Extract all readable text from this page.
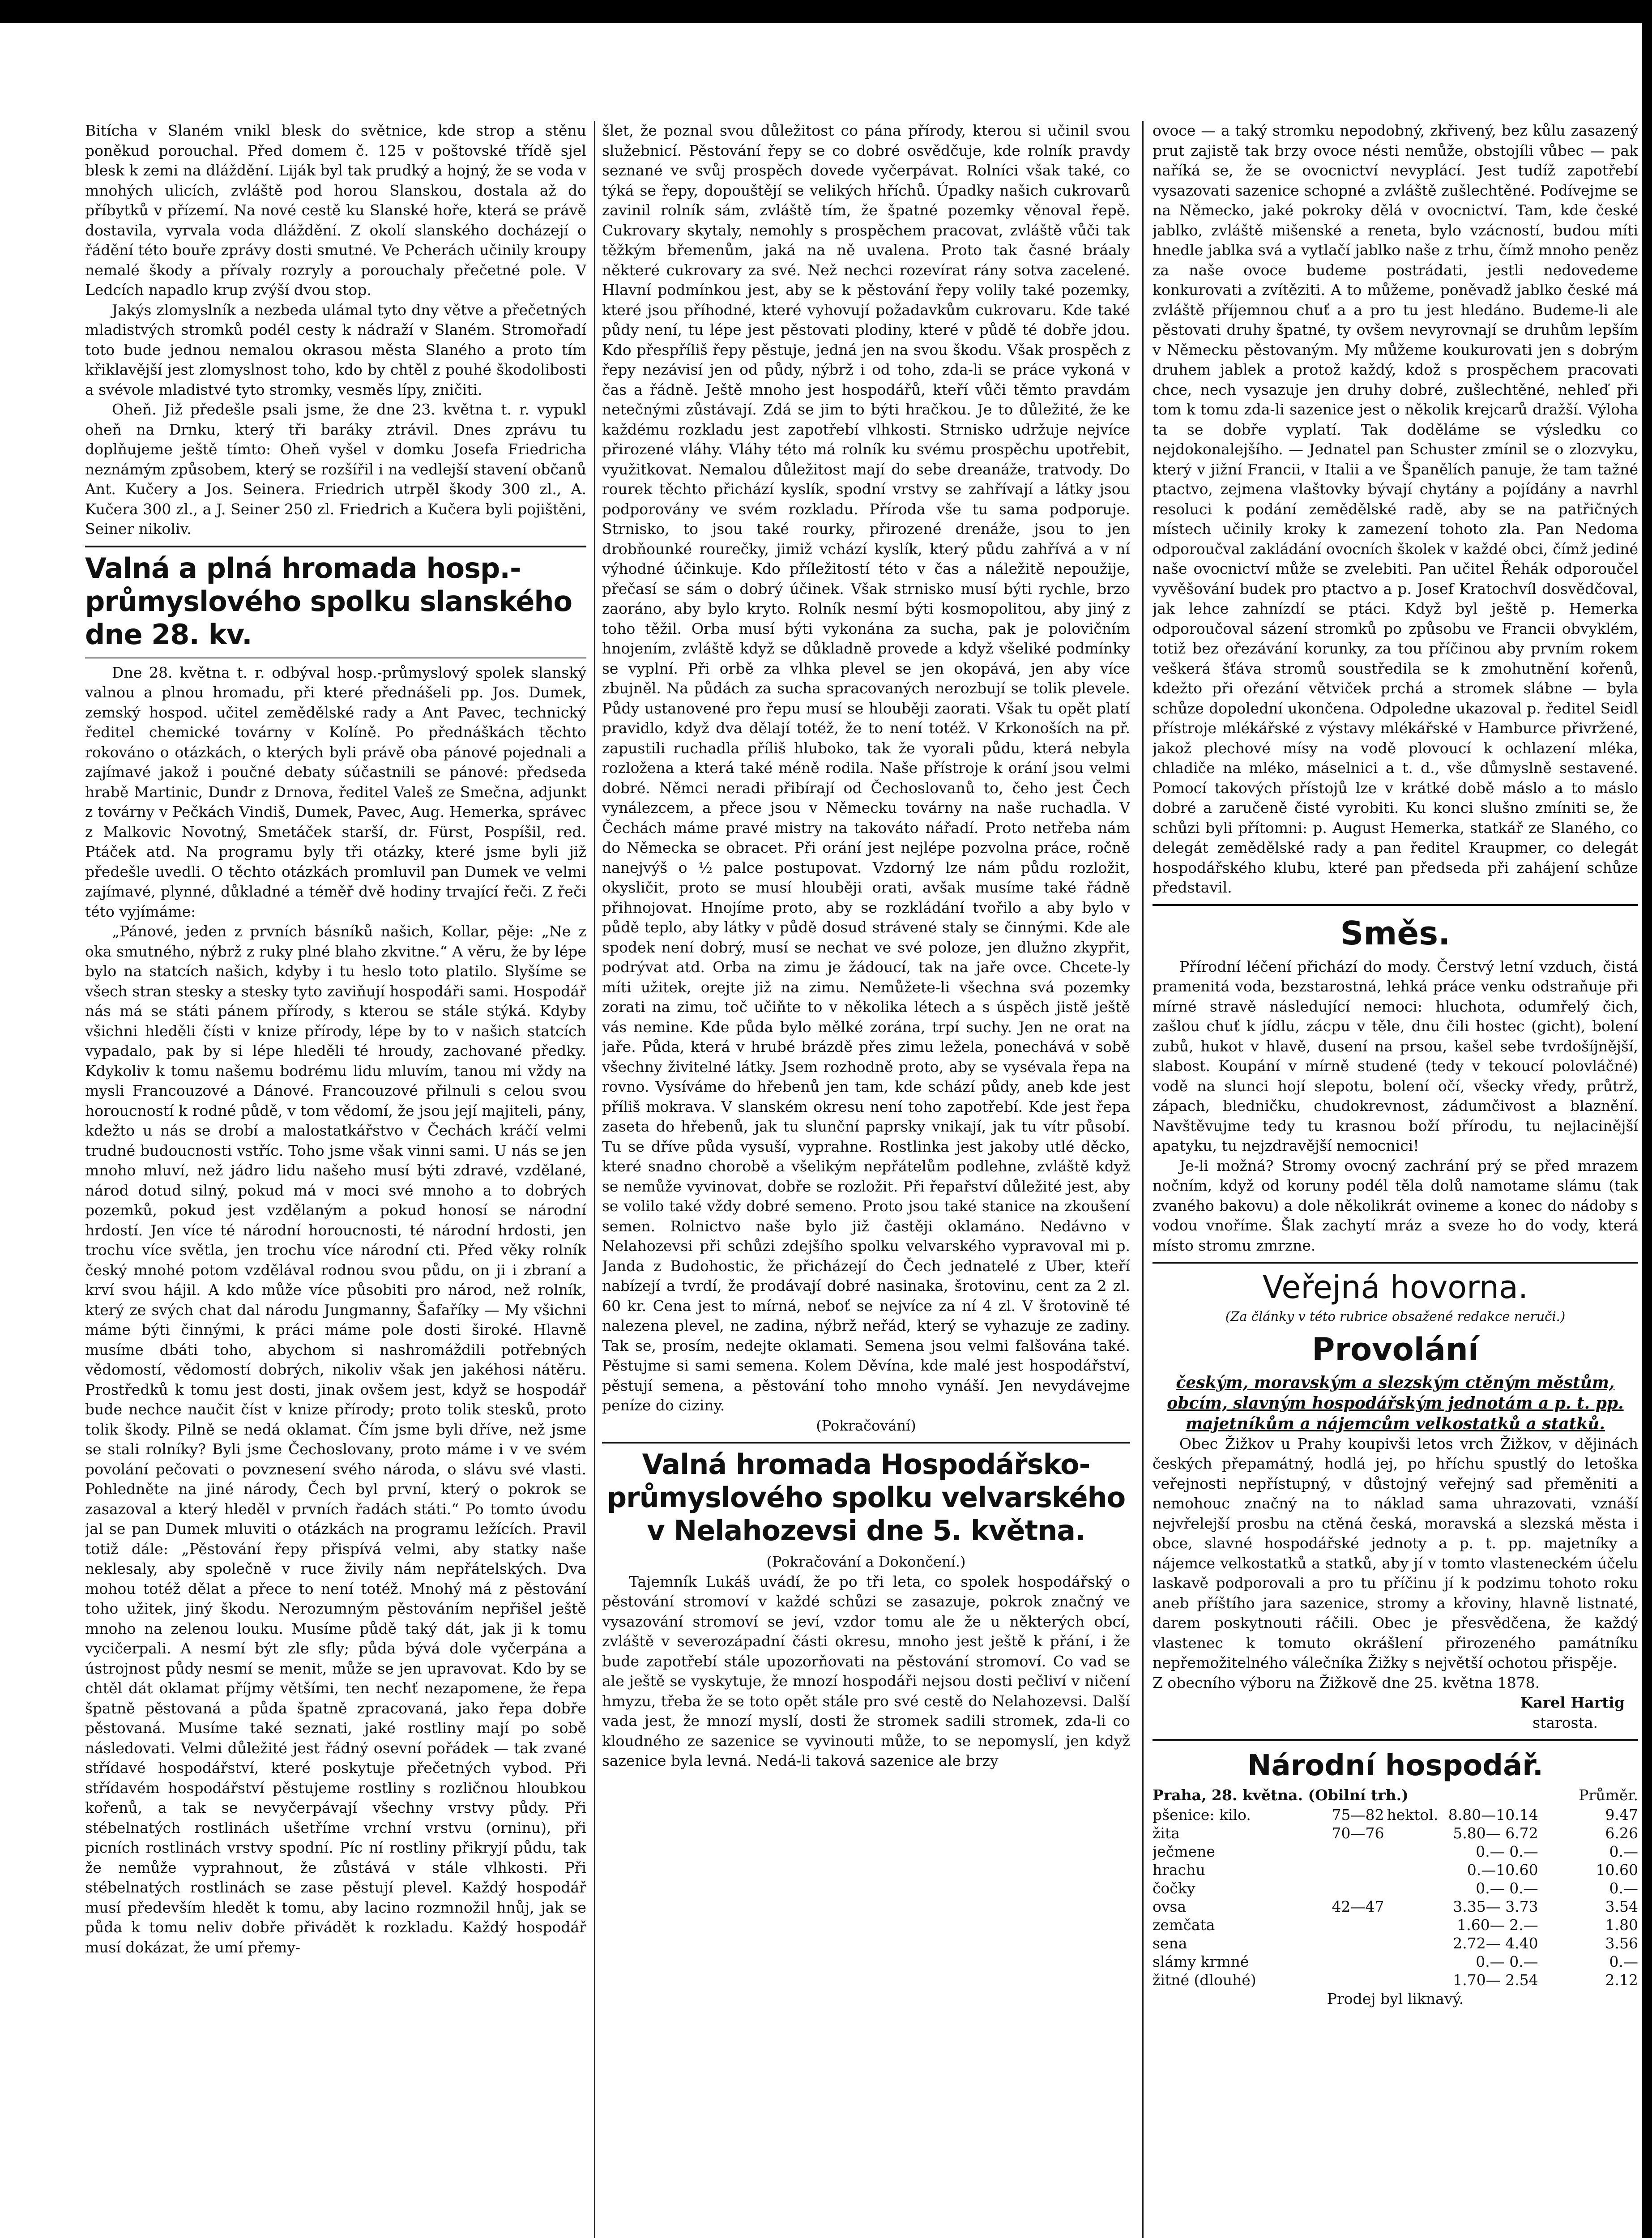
Bitícha v Slaném vnikl blesk do světnice, kde strop a stěnu poněkud porouchal. Před domem č. 125 v poštovské třídě sjel blesk k zemi na dláždění. Liják byl tak prudký a hojný, že se voda v mnohých ulicích, zvláště pod horou Slanskou, dostala až do příbytků v přízemí. Na nové cestě ku Slanské hoře, která se právě dostavila, vyrvala voda dláždění. Z okolí slanského docházejí o řádění této bouře zprávy dosti smutné. Ve Pcherách učinily kroupy nemalé škody a přívaly rozryly a porouchaly přečetné pole. V Ledcích napadlo krup zvýší dvou stop.

Jakýs zlomyslník a nezbeda ulámal tyto dny větve a přečetných mladistvých stromků podél cesty k nádraží v Slaném. Stromořadí toto bude jednou nemalou okrasou města Slaného a proto tím křiklavější jest zlomyslnost toho, kdo by chtěl z pouhé škodolibosti a svévole mladistvé tyto stromky, vesměs lípy, zničiti.

Oheň. Již předešle psali jsme, že dne 23. května t. r. vypukl oheň na Drnku, který tři baráky ztrávil. Dnes zprávu tu doplňujeme ještě tímto: Oheň vyšel v domku Josefa Friedricha neznámým způsobem, který se rozšířil i na vedlejší stavení občanů Ant. Kučery a Jos. Seinera. Friedrich utrpěl škody 300 zl., A. Kučera 300 zl., a J. Seiner 250 zl. Friedrich a Kučera byli pojištěni, Seiner nikoliv.

Valná a plná hromada hosp.-průmyslového spolku slanského dne 28. kv.

Dne 28. května t. r. odbýval hosp.-průmyslový spolek slanský valnou a plnou hromadu, při které přednášeli pp. Jos. Dumek, zemský hospod. učitel zemědělské rady a Ant Pavec, technický ředitel chemické továrny v Kolíně. Po přednáškách těchto rokováno o otázkách, o kterých byli právě oba pánové pojednali a zajímavé jakož i poučné debaty súčastnili se pánové: předseda hrabě Martinic, Dundr z Drnova, ředitel Valeš ze Smečna, adjunkt z továrny v Pečkách Vindiš, Dumek, Pavec, Aug. Hemerka, správec z Malkovic Novotný, Smetáček starší, dr. Fürst, Pospíšil, red. Ptáček atd. Na programu byly tři otázky, které jsme byli již předešle uvedli. O těchto otázkách promluvil pan Dumek ve velmi zajímavé, plynné, důkladné a téměř dvě hodiny trvající řeči. Z řeči této vyjímáme:

„Pánové, jeden z prvních básníků našich, Kollar, pěje: „Ne z oka smutného, nýbrž z ruky plné blaho zkvitne.“ A věru, že by lépe bylo na statcích našich, kdyby i tu heslo toto platilo. Slyšíme se všech stran stesky a stesky tyto zaviňují hospodáři sami. Hospodář nás má se státi pánem přírody, s kterou se stále stýká. Kdyby všichni hleděli čísti v knize přírody, lépe by to v našich statcích vypadalo, pak by si lépe hleděli té hroudy, zachované předky. Kdykoliv k tomu našemu bodrému lidu mluvím, tanou mi vždy na mysli Francouzové a Dánové. Francouzové přilnuli s celou svou horoucností k rodné půdě, v tom vědomí, že jsou její majiteli, pány, kdežto u nás se drobí a malostatkářstvo v Čechách kráčí velmi trudné budoucnosti vstříc. Toho jsme však vinni sami. U nás se jen mnoho mluví, než jádro lidu našeho musí býti zdravé, vzdělané, národ dotud silný, pokud má v moci své mnoho a to dobrých pozemků, pokud jest vzdělaným a pokud honosí se národní hrdostí. Jen více té národní horoucnosti, té národní hrdosti, jen trochu více světla, jen trochu více národní cti. Před věky rolník český mnohé potom vzdělával rodnou svou půdu, on ji i zbraní a krví svou hájil. A kdo může více působiti pro národ, než rolník, který ze svých chat dal národu Jungmanny, Šafaříky — My všichni máme býti činnými, k práci máme pole dosti široké. Hlavně musíme dbáti toho, abychom si nashromáždili potřebných vědomostí, vědomostí dobrých, nikoliv však jen jakéhosi nátěru. Prostředků k tomu jest dosti, jinak ovšem jest, když se hospodář bude nechce naučit číst v knize přírody; proto tolik stesků, proto tolik škody. Pilně se nedá oklamat. Čím jsme byli dříve, než jsme se stali rolníky? Byli jsme Čechoslovany, proto máme i v ve svém povolání pečovati o povznesení svého národa, o slávu své vlasti. Pohledněte na jiné národy, Čech byl první, který o pokrok se zasazoval a který hleděl v prvních řadách státi.“ Po tomto úvodu jal se pan Dumek mluviti o otázkách na programu ležících. Pravil totiž dále: „Pěstování řepy přispívá velmi, aby statky naše neklesaly, aby společně v ruce živily nám nepřátelských. Dva mohou totéž dělat a přece to není totéž. Mnohý má z pěstování toho užitek, jiný škodu. Nerozumným pěstováním nepřišel ještě mnoho na zelenou louku. Musíme půdě taký dát, jak ji k tomu vycičerpali. A nesmí být zle sfly; půda bývá dole vyčerpána a ústrojnost půdy nesmí se menit, může se jen upravovat. Kdo by se chtěl dát oklamat příjmy většími, ten nechť nezapomene, že řepa špatně pěstovaná a půda špatně zpracovaná, jako řepa dobře pěstovaná. Musíme také seznati, jaké rostliny mají po sobě následovati. Velmi důležité jest řádný osevní pořádek — tak zvané střídavé hospodářství, které poskytuje přečetných vybod. Při střídavém hospodářství pěstujeme rostliny s rozličnou hloubkou kořenů, a tak se nevyčerpávají všechny vrstvy půdy. Při stébelnatých rostlinách ušetříme vrchní vrstvu (orninu), při picních rostlinách vrstvy spodní. Píc ní rostliny přikryjí půdu, tak že nemůže vyprahnout, že zůstává v stále vlhkosti. Při stébelnatých rostlinách se zase pěstují plevel. Každý hospodář musí především hledět k tomu, aby lacino rozmnožil hnůj, jak se půda k tomu neliv dobře přivádět k rozkladu. Každý hospodář musí dokázat, že umí přemy-

šlet, že poznal svou důležitost co pána přírody, kterou si učinil svou služebnicí. Pěstování řepy se co dobré osvědčuje, kde rolník pravdy seznané ve svůj prospěch dovede vyčerpávat. Rolníci však také, co týká se řepy, dopouštějí se velikých hříchů. Úpadky našich cukrovarů zavinil rolník sám, zvláště tím, že špatné pozemky věnoval řepě. Cukrovary skytaly, nemohly s prospěchem pracovat, zvláště vůči tak těžkým břemenům, jaká na ně uvalena. Proto tak časné bráaly některé cukrovary za své. Než nechci rozevírat rány sotva zacelené. Hlavní podmínkou jest, aby se k pěstování řepy volily také pozemky, které jsou příhodné, které vyhovují požadavkům cukrovaru. Kde také půdy není, tu lépe jest pěstovati plodiny, které v půdě té dobře jdou. Kdo přespříliš řepy pěstuje, jedná jen na svou škodu. Však prospěch z řepy nezávisí jen od půdy, nýbrž i od toho, zda-li se práce vykoná v čas a řádně. Ještě mnoho jest hospodářů, kteří vůči těmto pravdám netečnými zůstávají. Zdá se jim to býti hračkou. Je to důležité, že ke každému rozkladu jest zapotřebí vlhkosti. Strnisko udržuje nejvíce přirozené vláhy. Vláhy této má rolník ku svému prospěchu upotřebit, využitkovat. Nemalou důležitost mají do sebe dreanáže, tratvody. Do rourek těchto přichází kyslík, spodní vrstvy se zahřívají a látky jsou podporovány ve svém rozkladu. Příroda vše tu sama podporuje. Strnisko, to jsou také rourky, přirozené drenáže, jsou to jen drobňounké rourečky, jimiž vchází kyslík, který půdu zahřívá a v ní výhodné účinkuje. Kdo příležitostí této v čas a náležitě nepoužije, přečasí se sám o dobrý účinek. Však strnisko musí býti rychle, brzo zaoráno, aby bylo kryto. Rolník nesmí býti kosmopolitou, aby jiný z toho těžil. Orba musí býti vykonána za sucha, pak je polovičním hnojením, zvláště když se důkladně provede a když všeliké podmínky se vyplní. Při orbě za vlhka plevel se jen okopává, jen aby více zbujněl. Na půdách za sucha spracovaných nerozbují se tolik plevele. Půdy ustanovené pro řepu musí se hlouběji zaorati. Však tu opět platí pravidlo, když dva dělají totéž, že to není totéž. V Krkonoších na př. zapustili ruchadla příliš hluboko, tak že vyorali půdu, která nebyla rozložena a která také méně rodila. Naše přístroje k orání jsou velmi dobré. Němci neradi přibírají od Čechoslovanů to, čeho jest Čech vynálezcem, a přece jsou v Německu továrny na naše ruchadla. V Čechách máme pravé mistry na takováto nářadí. Proto netřeba nám do Německa se obracet. Při orání jest nejlépe pozvolna práce, ročně nanejvýš o ½ palce postupovat. Vzdorný lze nám půdu rozložit, okysličit, proto se musí hlouběji orati, avšak musíme také řádně přihnojovat. Hnojíme proto, aby se rozkládání tvořilo a aby bylo v půdě teplo, aby látky v půdě dosud strávené staly se činnými. Kde ale spodek není dobrý, musí se nechat ve své poloze, jen dlužno zkypřit, podrývat atd. Orba na zimu je žádoucí, tak na jaře ovce. Chcete-ly míti užitek, orejte již na zimu. Nemůžete-li všechna svá pozemky zorati na zimu, toč učiňte to v několika létech a s úspěch jistě ještě vás nemine. Kde půda bylo mělké zorána, trpí suchy. Jen ne orat na jaře. Půda, která v hrubé brázdě přes zimu ležela, ponechává v sobě všechny živitelné látky. Jsem rozhodně proto, aby se vysévala řepa na rovno. Vysíváme do hřebenů jen tam, kde schází půdy, aneb kde jest příliš mokrava. V slanském okresu není toho zapotřebí. Kde jest řepa zaseta do hřebenů, jak tu slunční paprsky vnikají, jak tu vítr působí. Tu se dříve půda vysuší, vyprahne. Rostlinka jest jakoby utlé děcko, které snadno chorobě a všelikým nepřátelům podlehne, zvláště když se nemůže vyvinovat, dobře se rozložit. Při řepařství důležité jest, aby se volilo také vždy dobré semeno. Proto jsou také stanice na zkoušení semen. Rolnictvo naše bylo již častěji oklamáno. Nedávno v Nelahozevsi při schůzi zdejšího spolku velvarského vypravoval mi p. Janda z Budohostic, že přicházejí do Čech jednatelé z Uber, kteří nabízejí a tvrdí, že prodávají dobré nasinaka, šrotovinu, cent za 2 zl. 60 kr. Cena jest to mírná, neboť se nejvíce za ní 4 zl. V šrotovině té nalezena plevel, ne zadina, nýbrž neřád, který se vyhazuje ze zadiny. Tak se, prosím, nedejte oklamati. Semena jsou velmi falšována také. Pěstujme si sami semena. Kolem Děvína, kde malé jest hospodářství, pěstují semena, a pěstování toho mnoho vynáší. Jen nevydávejme peníze do ciziny.

(Pokračování)
Valná hromada Hospodářsko-průmyslového spolku velvarského v Nelahozevsi dne 5. května.
(Pokračování a Dokončení.)

Tajemník Lukáš uvádí, že po tři leta, co spolek hospodářský o pěstování stromoví v každé schůzi se zasazuje, pokrok značný ve vysazování stromoví se jeví, vzdor tomu ale že u některých obcí, zvláště v severozápadní části okresu, mnoho jest ještě k přání, i že bude zapotřebí stále upozorňovati na pěstování stromoví. Co vad se ale ještě se vyskytuje, že mnozí hospodáři nejsou dosti pečliví v ničení hmyzu, třeba že se toto opět stále pro své cestě do Nelahozevsi. Další vada jest, že mnozí myslí, dosti že stromek sadili stromek, zda-li co kloudného ze sazenice se vyvinouti může, to se nepomyslí, jen když sazenice byla levná. Nedá-li taková sazenice ale brzy

ovoce — a taký stromku nepodobný, zkřivený, bez kůlu zasazený prut zajistě tak brzy ovoce nésti nemůže, obstojíli vůbec — pak naříká se, že se ovocnictví nevyplácí. Jest tudíž zapotřebí vysazovati sazenice schopné a zvláště zušlechtěné. Podívejme se na Německo, jaké pokroky dělá v ovocnictví. Tam, kde české jablko, zvláště mišenské a reneta, bylo vzácností, budou míti hnedle jablka svá a vytlačí jablko naše z trhu, čímž mnoho peněz za naše ovoce budeme postrádati, jestli nedovedeme konkurovati a zvítěziti. A to můžeme, poněvadž jablko české má zvláště příjemnou chuť a a pro tu jest hledáno. Budeme-li ale pěstovati druhy špatné, ty ovšem nevyrovnají se druhům lepším v Německu pěstovaným. My můžeme koukurovati jen s dobrým druhem jablek a protož každý, kdož s prospěchem pracovati chce, nech vysazuje jen druhy dobré, zušlechtěné, nehleď při tom k tomu zda-li sazenice jest o několik krejcarů dražší. Výloha ta se dobře vyplatí. Tak doděláme se výsledku co nejdokonalejšího. — Jednatel pan Schuster zmínil se o zlozvyku, který v jižní Francii, v Italii a ve Španělích panuje, že tam tažné ptactvo, zejmena vlaštovky bývají chytány a pojídány a navrhl resoluci k podání zemědělské radě, aby se na patřičných místech učinily kroky k zamezení tohoto zla. Pan Nedoma odporoučval zakládání ovocních školek v každé obci, čímž jediné naše ovocnictví může se zvelebiti. Pan učitel Řehák odporoučel vyvěšování budek pro ptactvo a p. Josef Kratochvíl dosvědčoval, jak lehce zahnízdí se ptáci. Když byl ještě p. Hemerka odporoučoval sázení stromků po způsobu ve Francii obvyklém, totiž bez ořezávání korunky, za tou příčinou aby prvním rokem veškerá šťáva stromů soustředila se k zmohutnění kořenů, kdežto při ořezání větviček prchá a stromek slábne — byla schůze dopolední ukončena. Odpoledne ukazoval p. ředitel Seidl přístroje mlékářské z výstavy mlékářské v Hamburce přivržené, jakož plechové mísy na vodě plovoucí k ochlazení mléka, chladiče na mléko, máselnici a t. d., vše důmyslně sestavené. Pomocí takových přístojů lze v krátké době máslo a to máslo dobré a zaručeně čisté vyrobiti. Ku konci slušno zmíniti se, že schůzi byli přítomni: p. August Hemerka, statkář ze Slaného, co delegát zemědělské rady a pan ředitel Kraupmer, co delegát hospodářského klubu, které pan předseda při zahájení schůze představil.

Směs.

Přírodní léčení přichází do mody. Čerstvý letní vzduch, čistá pramenitá voda, bezstarostná, lehká práce venku odstraňuje při mírné stravě následující nemoci: hluchota, odumřelý čich, zašlou chuť k jídlu, zácpu v těle, dnu čili hostec (gicht), bolení zubů, hukot v hlavě, dusení na prsou, kašel sebe tvrdošíjnější, slabost. Koupání v mírně studené (tedy v tekoucí polovláčné) vodě na slunci hojí slepotu, bolení očí, všecky vředy, průtrž, zápach, bledničku, chudokrevnost, zádumčivost a blaznění. Navštěvujme tedy tu krasnou boží přírodu, tu nejlacinější apatyku, tu nejzdravější nemocnici!

Je-li možná? Stromy ovocný zachrání prý se před mrazem nočním, když od koruny podél těla dolů namotame slámu (tak zvaného bakovu) a dole několikrát ovineme a konec do nádoby s vodou vnoříme. Šlak zachytí mráz a sveze ho do vody, která místo stromu zmrzne.

Veřejná hovorna.
(Za články v této rubrice obsažené redakce neruči.)
Provolání
českým, moravským a slezským ctěným městům, obcím, slavným hospodářským jednotám a p. t. pp. majetníkům a nájemcům velkostatků a statků.

Obec Žižkov u Prahy koupivši letos vrch Žižkov, v dějinách českých přepamátný, hodlá jej, po hříchu spustlý do letoška veřejnosti nepřístupný, v důstojný veřejný sad přeměniti a nemohouc značný na to náklad sama uhrazovati, vznáší nejvřelejší prosbu na ctěná česká, moravská a slezská města i obce, slavné hospodářské jednoty a p. t. pp. majetníky a nájemce velkostatků a statků, aby jí v tomto vlasteneckém účelu laskavě podporovali a pro tu příčinu jí k podzimu tohoto roku aneb příštího jara sazenice, stromy a křoviny, hlavně listnaté, darem poskytnouti ráčili. Obec je přesvědčena, že každý vlastenec k tomuto okrášlení přirozeného památníku nepřemožitelného válečníka Žižky s největší ochotou přispěje.

Z obecního výboru na Žižkově dne 25. května 1878.

Karel Hartig
starosta.
Národní hospodář.
Praha, 28. května. (Obilní trh.)	Průměr.
pšenice: kilo.	75—82	hektol.	8.80—10.14	9.47
žita	70—76		5.80— 6.72	6.26
ječmene			0.— 0.—	0.—
hrachu			0.—10.60	10.60
čočky			0.— 0.—	0.—
ovsa	42—47		3.35— 3.73	3.54
zemčata			1.60— 2.—	1.80
sena			2.72— 4.40	3.56
slámy krmné			0.— 0.—	0.—
žitné (dlouhé)			1.70— 2.54	2.12
Prodej byl liknavý.
